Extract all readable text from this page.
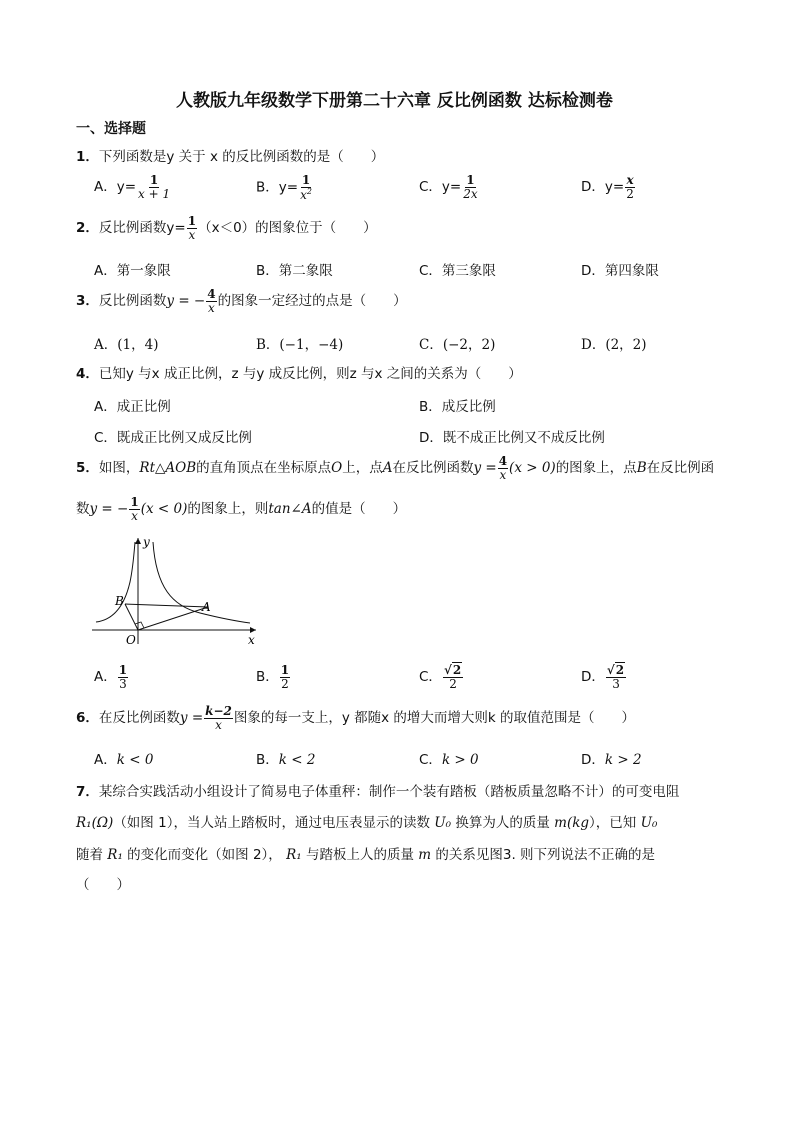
人教版九年级数学下册第二十六章 反比例函数 达标检测卷
一、选择题
1．下列函数是y 关于 x 的反比例函数的是（　　）
A．$y= \frac{1}{x + 1}$	B．$y= \frac{1}{x^2}$	C．$y= \frac{1}{2x}$	D．$y= \frac{x}{2}$
2．反比例函数$y= \frac{1}{x} (x<0)$的图象位于（　　）
A．第一象限	B．第二象限	C．第三象限	D．第四象限
3．反比例函数y = − $\frac{4}{x}$ 的图象一定经过的点是（　　）
A．(1，4)	B．(−1，−4)	C．(−2，2)	D．(2，2)
4．已知y 与x 成正比例，z 与y 成反比例，则z 与x 之间的关系为（　　）
A．成正比例	B．成反比例
C．既成正比例又成反比例	D．既不成正比例又不成反比例
5．如图，Rt△AOB的直角顶点在坐标原点O上，点A在反比例函数$y = \frac{4}{x} (x > 0)$的图象上，点B在反比例函
数y = − $\frac{1}{x} (x < 0)$的图象上，则tan∠A的值是（　　）
y
x
B	A
O
A． $\frac{1}{3}$	B． $\frac{1}{2}$	C． $\frac{√2}{2}$	D． $\frac{√2}{3}$
6．在反比例函数$y = \frac{k-2}{x}$ 图象的每一支上，y 都随x 的增大而增大则k 的取值范围是（　　）
A．k < 0	B．k < 2	C．k > 0	D．k > 2
7．某综合实践活动小组设计了简易电子体重秤：制作一个装有踏板（踏板质量忽略不计）的可变电阻
R₁(Ω)（如图 1），当人站上踏板时，通过电压表显示的读数 U₀ 换算为人的质量 m(kg），已知 U₀
随着 R₁ 的变化而变化（如图 2）， R₁ 与踏板上人的质量 m 的关系见图3. 则下列说法不正确的是
（　　）
